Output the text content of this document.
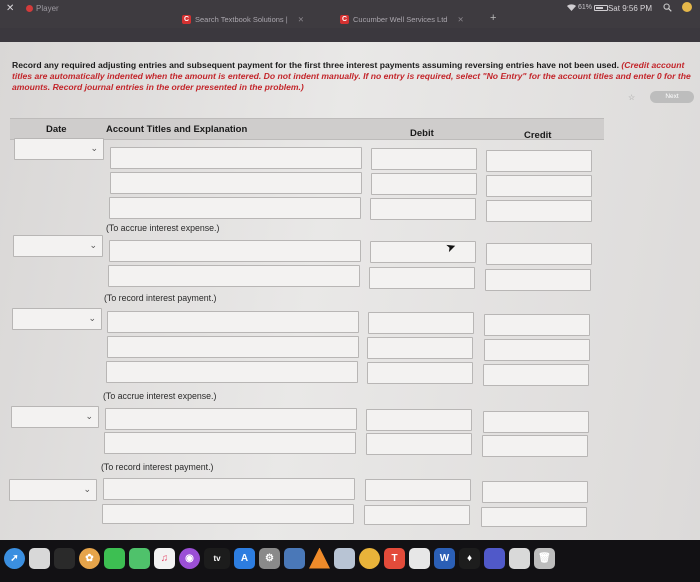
✕	Player
C Search Textbook Solutions | ✕	C Cucumber Well Services Ltd ✕ +
61%	Sat 9:56 PM
☆	Next

Record any required adjusting entries and subsequent payment for the first three interest payments assuming reversing entries have not been used. (Credit account titles are automatically indented when the amount is entered. Do not indent manually. If no entry is required, select "No Entry" for the account titles and enter 0 for the amounts. Record journal entries in the order presented in the problem.)

Date	Account Titles and Explanation	Debit	Credit
⌄
(To accrue interest expense.)
⌄
(To record interest payment.)
⌄
(To accrue interest expense.)
⌄
(To record interest payment.)
⌄
➤
➚	✿	♫	◉	tv	A	⚙	T	W	♦	🗑
